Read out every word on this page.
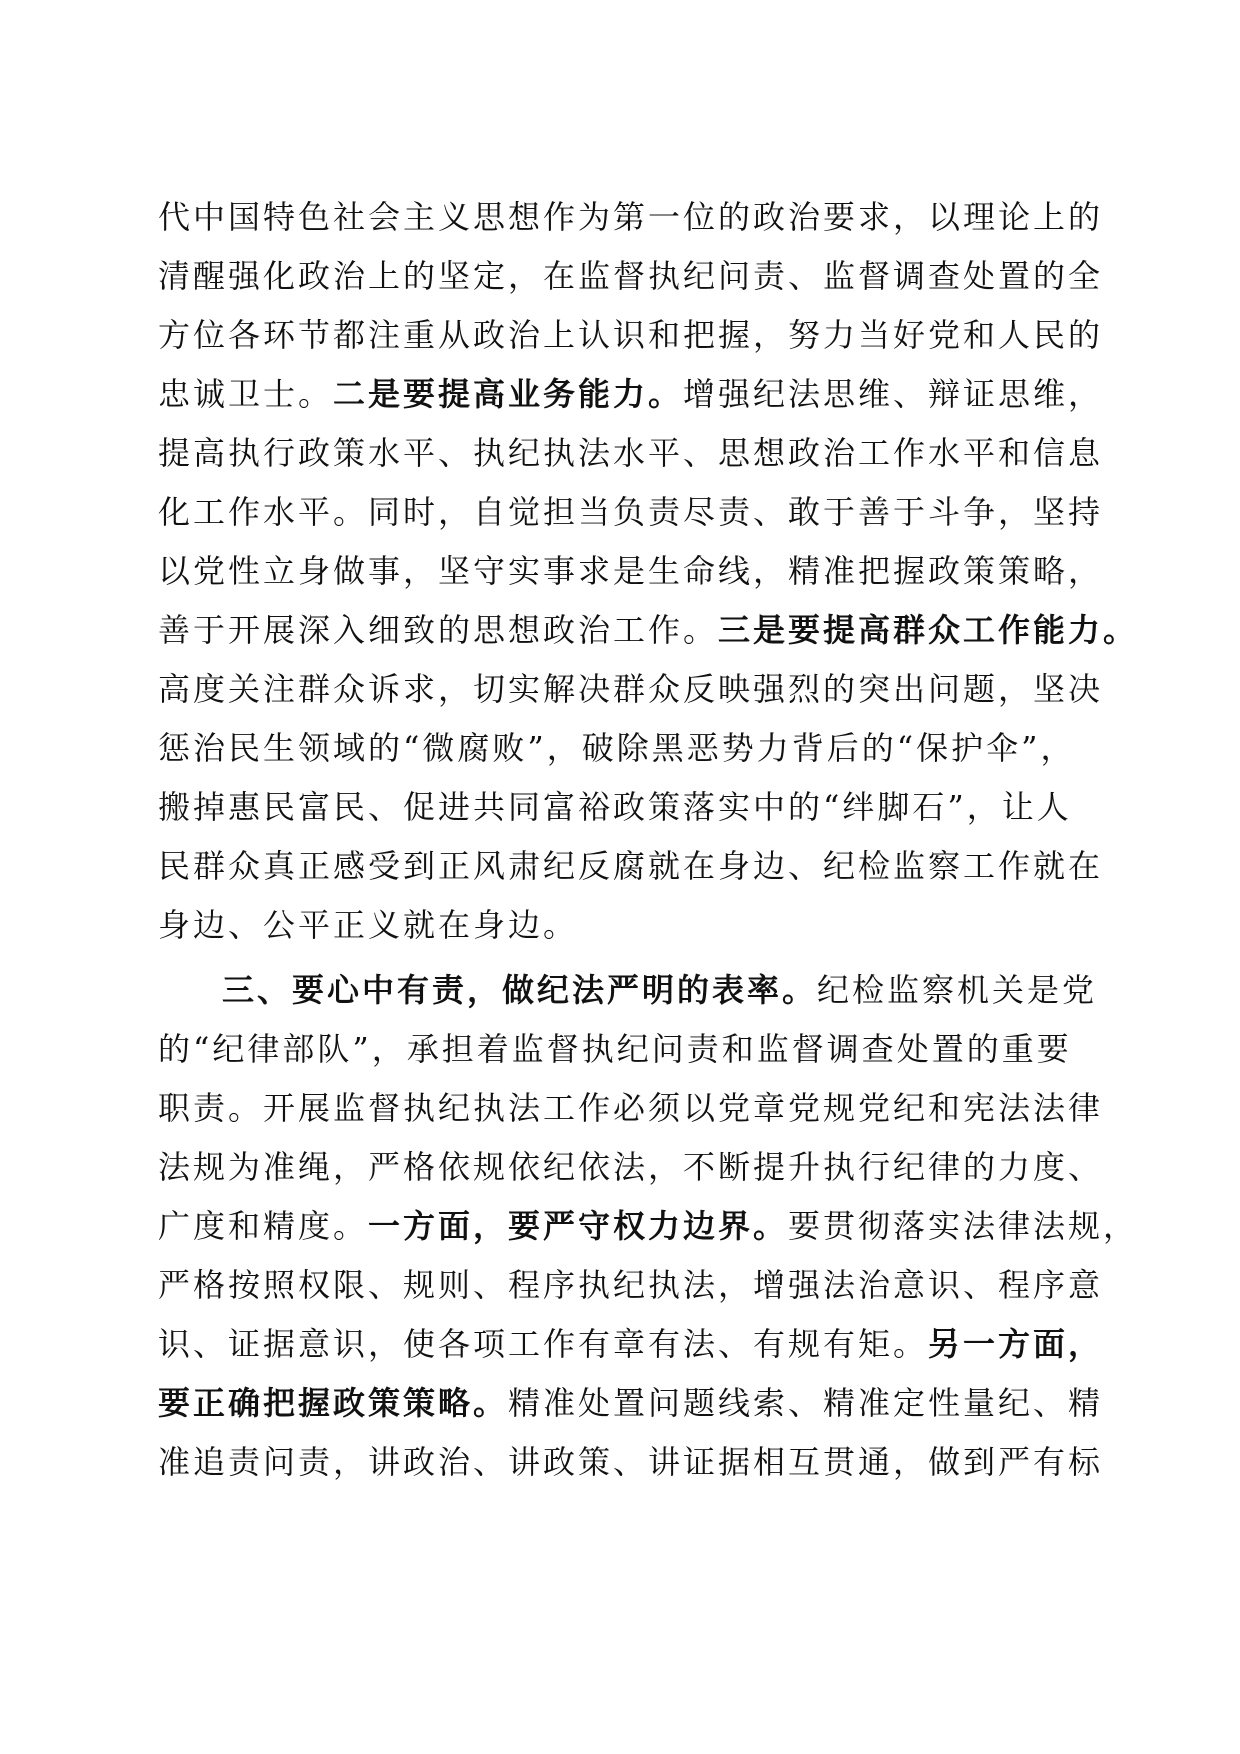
代中国特色社会主义思想作为第一位的政治要求，以理论上的
清醒强化政治上的坚定，在监督执纪问责、监督调查处置的全
方位各环节都注重从政治上认识和把握，努力当好党和人民的
忠诚卫士。二是要提高业务能力。增强纪法思维、辩证思维，
提高执行政策水平、执纪执法水平、思想政治工作水平和信息
化工作水平。同时，自觉担当负责尽责、敢于善于斗争，坚持
以党性立身做事，坚守实事求是生命线，精准把握政策策略，
善于开展深入细致的思想政治工作。三是要提高群众工作能力。
高度关注群众诉求，切实解决群众反映强烈的突出问题，坚决
惩治民生领域的“微腐败”，破除黑恶势力背后的“保护伞”，
搬掉惠民富民、促进共同富裕政策落实中的“绊脚石”，让人
民群众真正感受到正风肃纪反腐就在身边、纪检监察工作就在
身边、公平正义就在身边。
三、要心中有责，做纪法严明的表率。纪检监察机关是党
的“纪律部队”，承担着监督执纪问责和监督调查处置的重要
职责。开展监督执纪执法工作必须以党章党规党纪和宪法法律
法规为准绳，严格依规依纪依法，不断提升执行纪律的力度、
广度和精度。一方面，要严守权力边界。要贯彻落实法律法规，
严格按照权限、规则、程序执纪执法，增强法治意识、程序意
识、证据意识，使各项工作有章有法、有规有矩。另一方面，
要正确把握政策策略。精准处置问题线索、精准定性量纪、精
准追责问责，讲政治、讲政策、讲证据相互贯通，做到严有标
